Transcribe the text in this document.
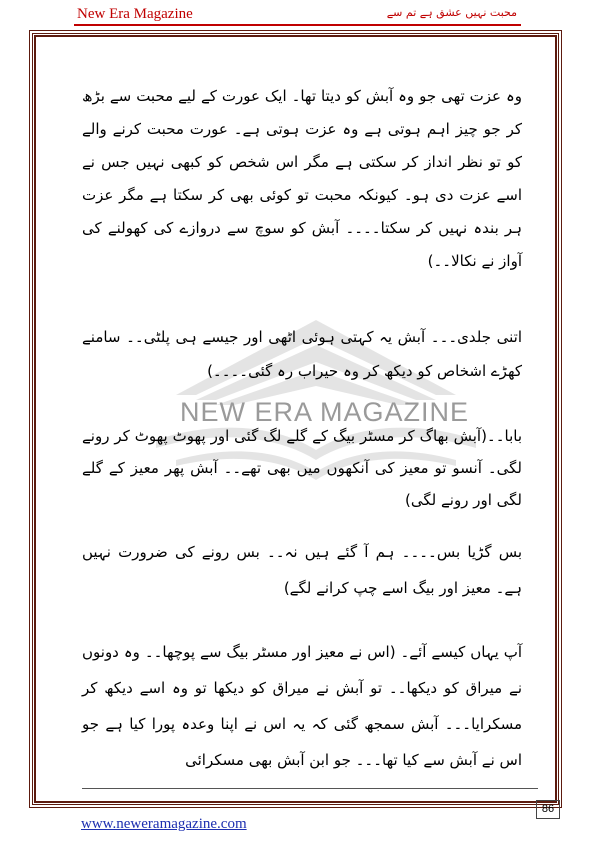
New Era Magazine	محبت نہیں عشق ہے تم سے
NEW ERA MAGAZINE

وہ عزت تھی جو وہ آبش کو دیتا تھا۔ ایک عورت کے لیے محبت سے بڑھ کر جو چیز اہم ہوتی ہے وہ عزت ہوتی ہے۔ عورت محبت کرنے والے کو تو نظر انداز کر سکتی ہے مگر اس شخص کو کبھی نہیں جس نے اسے عزت دی ہو۔ کیونکہ محبت تو کوئی بھی کر سکتا ہے مگر عزت ہر بندہ نہیں کر سکتا۔۔۔۔ آبش کو سوچ سے دروازے کی کھولنے کی آواز نے نکالا۔۔)

اتنی جلدی۔۔۔ آبش یہ کہتی ہوئی اٹھی اور جیسے ہی پلٹی۔۔ سامنے کھڑے اشخاص کو دیکھ کر وہ حیراب رہ گئی۔۔۔۔)

بابا۔۔(آبش بھاگ کر مسٹر بیگ کے گلے لگ گئی اور پھوٹ پھوٹ کر رونے لگی۔ آنسو تو معیز کی آنکھوں میں بھی تھے۔۔ آبش پھر معیز کے گلے لگی اور رونے لگی)

بس گڑیا بس۔۔۔۔ ہم آ گئے ہیں نہ۔۔ بس رونے کی ضرورت نہیں ہے۔ معیز اور بیگ اسے چپ کرانے لگے)

آپ یہاں کیسے آئے۔ (اس نے معیز اور مسٹر بیگ سے پوچھا۔۔ وہ دونوں نے میراق کو دیکھا۔۔ تو آبش نے میراق کو دیکھا تو وہ اسے دیکھ کر مسکرایا۔۔۔ آبش سمجھ گئی کہ یہ اس نے اپنا وعدہ پورا کیا ہے جو اس نے آبش سے کیا تھا۔۔۔ جو ابن آبش بھی مسکرائی

86
www.neweramagazine.com
